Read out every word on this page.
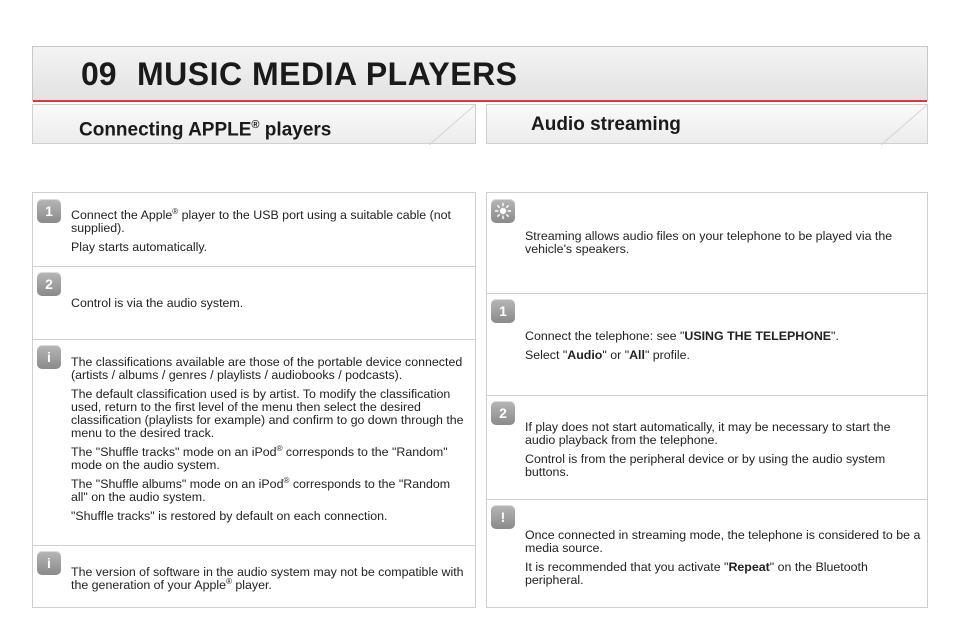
09 MUSIC MEDIA PLAYERS
Connecting APPLE® players	Audio streaming
1	Connect the Apple® player to the USB port using a suitable cable (not supplied).

Play starts automatically.

2

Control is via the audio system.

i	The classifications available are those of the portable device connected (artists / albums / genres / playlists / audiobooks / podcasts).

The default classification used is by artist. To modify the classification used, return to the first level of the menu then select the desired classification (playlists for example) and confirm to go down through the menu to the desired track.

The "Shuffle tracks" mode on an iPod® corresponds to the "Random" mode on the audio system.

The "Shuffle albums" mode on an iPod® corresponds to the "Random all" on the audio system.

"Shuffle tracks" is restored by default on each connection.

i

The version of software in the audio system may not be compatible with the generation of your Apple® player.

Streaming allows audio files on your telephone to be played via the vehicle's speakers.

1

Connect the telephone: see "USING THE TELEPHONE".

Select "Audio" or "All" profile.

2

If play does not start automatically, it may be necessary to start the audio playback from the telephone.

Control is from the peripheral device or by using the audio system buttons.

!

Once connected in streaming mode, the telephone is considered to be a media source.

It is recommended that you activate "Repeat" on the Bluetooth peripheral.
